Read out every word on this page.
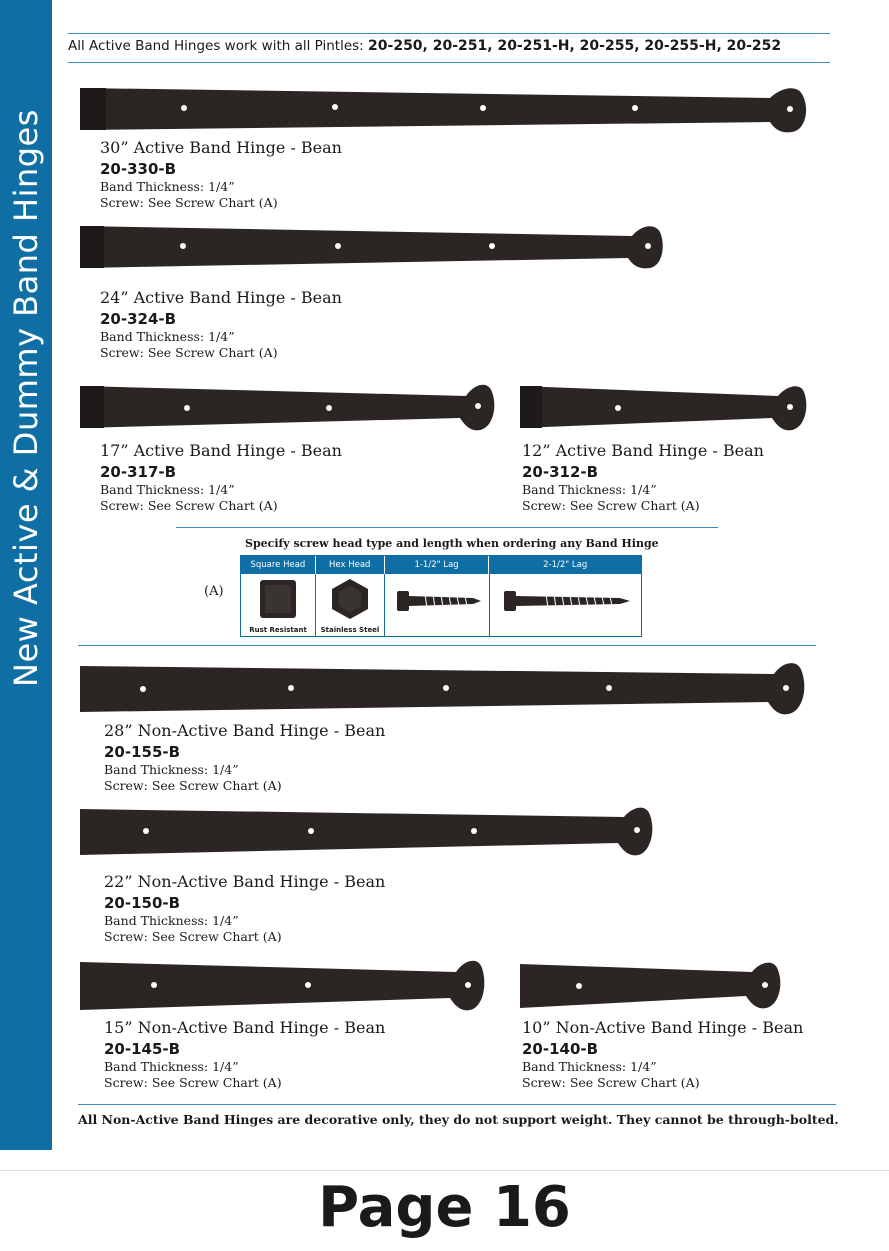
New Active & Dummy Band Hinges
All Active Band Hinges work with all Pintles: 20-250, 20-251, 20-251-H, 20-255, 20-255-H, 20-252
30” Active Band Hinge - Bean
20-330-B
Band Thickness: 1/4”
Screw: See Screw Chart (A)
24” Active Band Hinge - Bean
20-324-B
Band Thickness: 1/4”
Screw: See Screw Chart (A)
17” Active Band Hinge - Bean
20-317-B
Band Thickness: 1/4”
Screw: See Screw Chart (A)
12” Active Band Hinge - Bean
20-312-B
Band Thickness: 1/4”
Screw: See Screw Chart (A)
Specify screw head type and length when ordering any Band Hinge
(A)
Square Head	Hex Head	1-1/2" Lag	2-1/2" Lag
Rust Resistant	Stainless Steel
28” Non-Active Band Hinge - Bean
20-155-B
Band Thickness: 1/4”
Screw: See Screw Chart (A)
22” Non-Active Band Hinge - Bean
20-150-B
Band Thickness: 1/4”
Screw: See Screw Chart (A)
15” Non-Active Band Hinge - Bean
20-145-B
Band Thickness: 1/4”
Screw: See Screw Chart (A)
10” Non-Active Band Hinge - Bean
20-140-B
Band Thickness: 1/4”
Screw: See Screw Chart (A)
All Non-Active Band Hinges are decorative only, they do not support weight. They cannot be through-bolted.
Page 16
